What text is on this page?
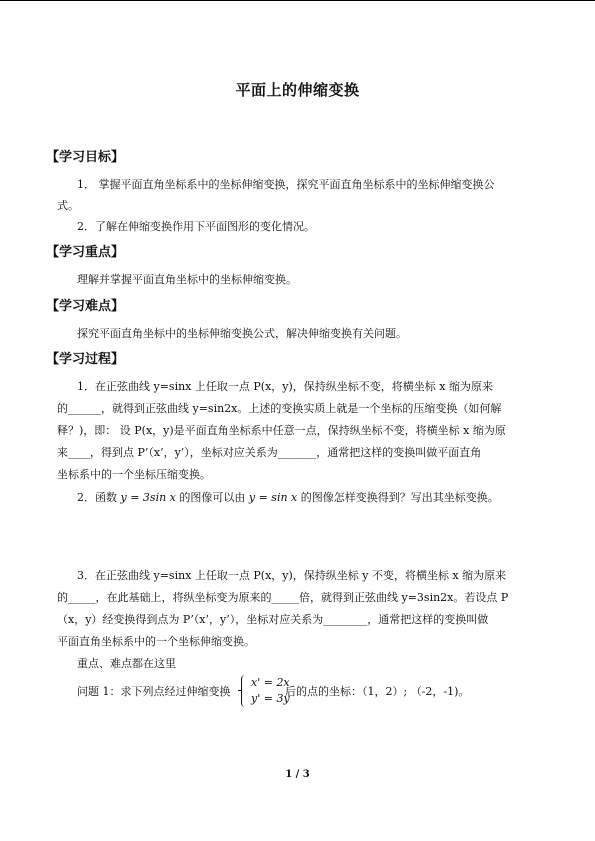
平面上的伸缩变换
【学习目标】
1． 掌握平面直角坐标系中的坐标伸缩变换，探究平面直角坐标系中的坐标伸缩变换公
式。
2．了解在伸缩变换作用下平面图形的变化情况。
【学习重点】
理解并掌握平面直角坐标中的坐标伸缩变换。
【学习难点】
探究平面直角坐标中的坐标伸缩变换公式，解决伸缩变换有关问题。
【学习过程】
1．在正弦曲线 y=sinx 上任取一点 P(x，y)，保持纵坐标不变，将横坐标 x 缩为原来
的______，就得到正弦曲线 y=sin2x。上述的变换实质上就是一个坐标的压缩变换（如何解
释？)，即： 设 P(x，y)是平面直角坐标系中任意一点，保持纵坐标不变，将横坐标 x 缩为原
来____，得到点 P’（x’，y’），坐标对应关系为_______，通常把这样的变换叫做平面直角
坐标系中的一个坐标压缩变换。
2．函数 y = 3sin x 的图像可以由 y = sin x 的图像怎样变换得到？写出其坐标变换。
3．在正弦曲线 y=sinx 上任取一点 P(x，y)，保持纵坐标 y 不变，将横坐标 x 缩为原来
的_____，在此基础上，将纵坐标变为原来的_____倍，就得到正弦曲线 y=3sin2x。若设点 P
（x，y）经变换得到点为 P’（x’，y’），坐标对应关系为________，通常把这样的变换叫做
平面直角坐标系中的一个坐标伸缩变换。
重点、难点都在这里
问题 1：求下列点经过伸缩变换
x' = 2x
y' = 3y
后的点的坐标：（1，2）; （-2，-1)。
1 / 3
